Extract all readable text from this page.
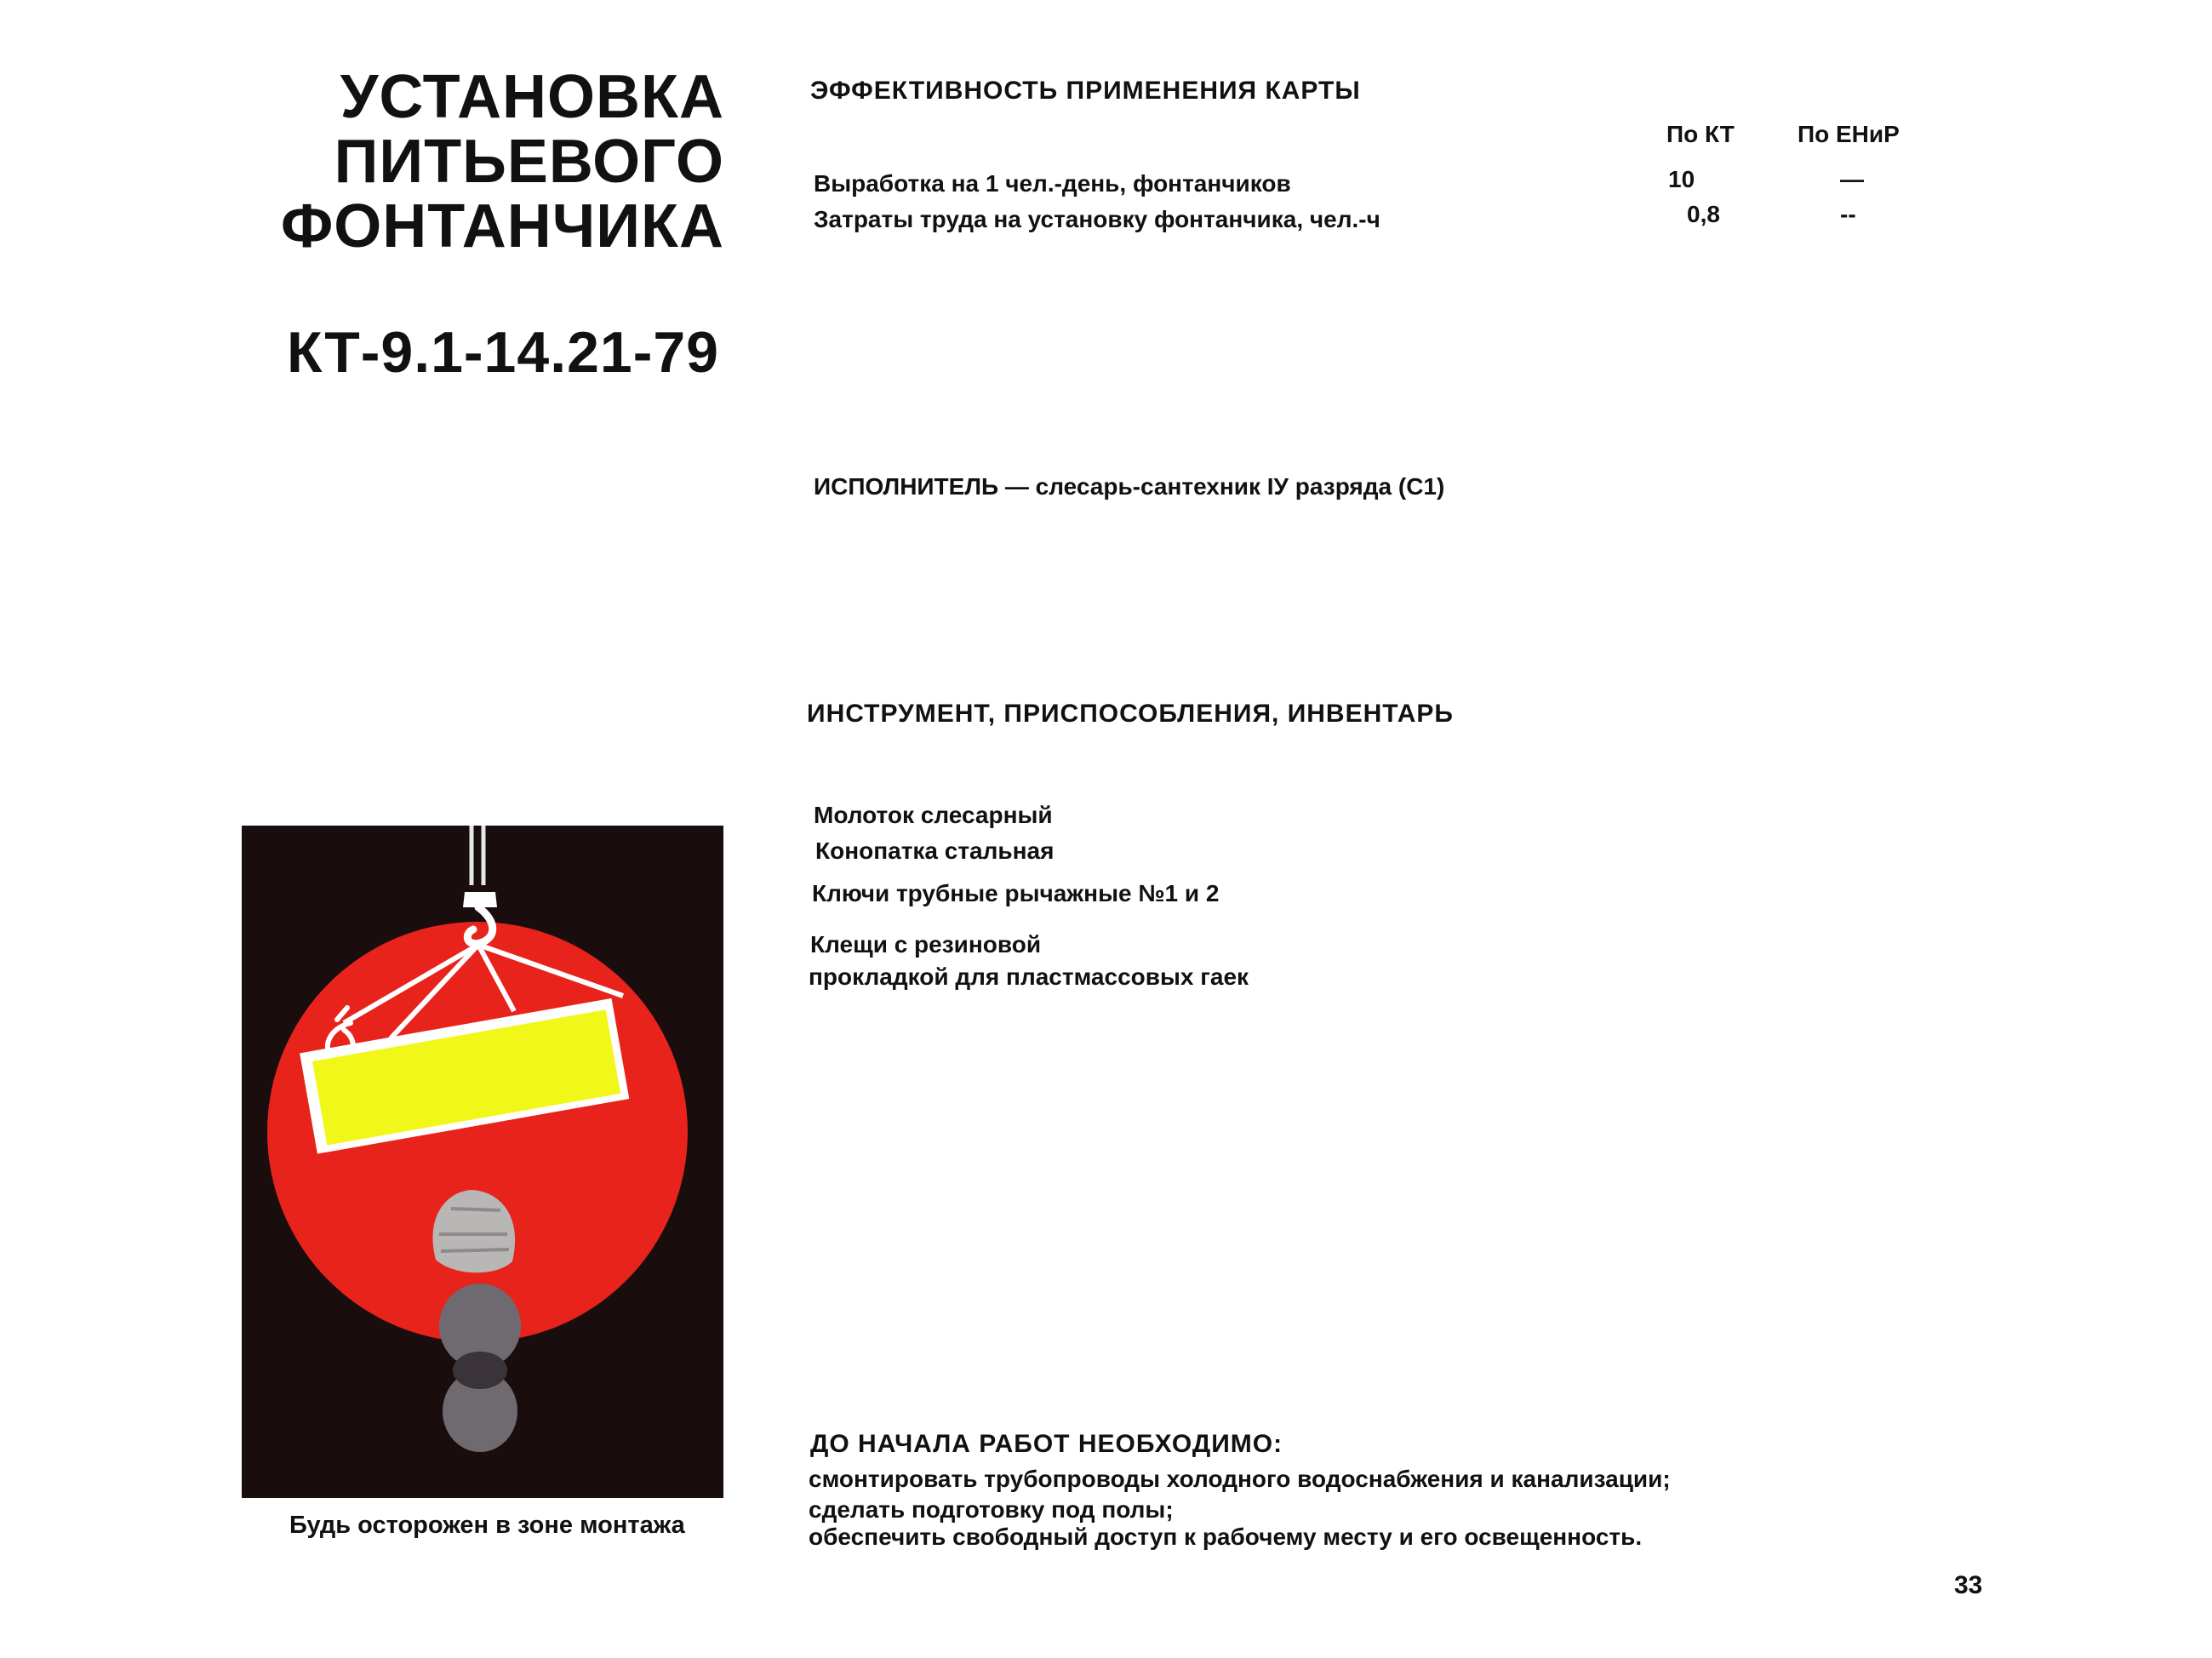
УСТАНОВКА
ПИТЬЕВОГО
ФОНТАНЧИКА
КТ-9.1-14.21-79
ЭФФЕКТИВНОСТЬ ПРИМЕНЕНИЯ КАРТЫ
По КТ	По ЕНиР
Выработка на 1 чел.-день, фонтанчиков	10	—
Затраты труда на установку фонтанчика, чел.-ч	0,8	--
ИСПОЛНИТЕЛЬ — слесарь-сантехник IУ разряда (С1)
ИНСТРУМЕНТ, ПРИСПОСОБЛЕНИЯ, ИНВЕНТАРЬ
Молоток слесарный
Конопатка стальная
Ключи трубные рычажные №1 и 2
Клещи с резиновой
прокладкой для пластмассовых гаек
Будь осторожен в зоне монтажа
ДО НАЧАЛА РАБОТ НЕОБХОДИМО:
смонтировать трубопроводы холодного водоснабжения и канализации;
сделать подготовку под полы;
обеспечить свободный доступ к рабочему месту и его освещенность.
33
